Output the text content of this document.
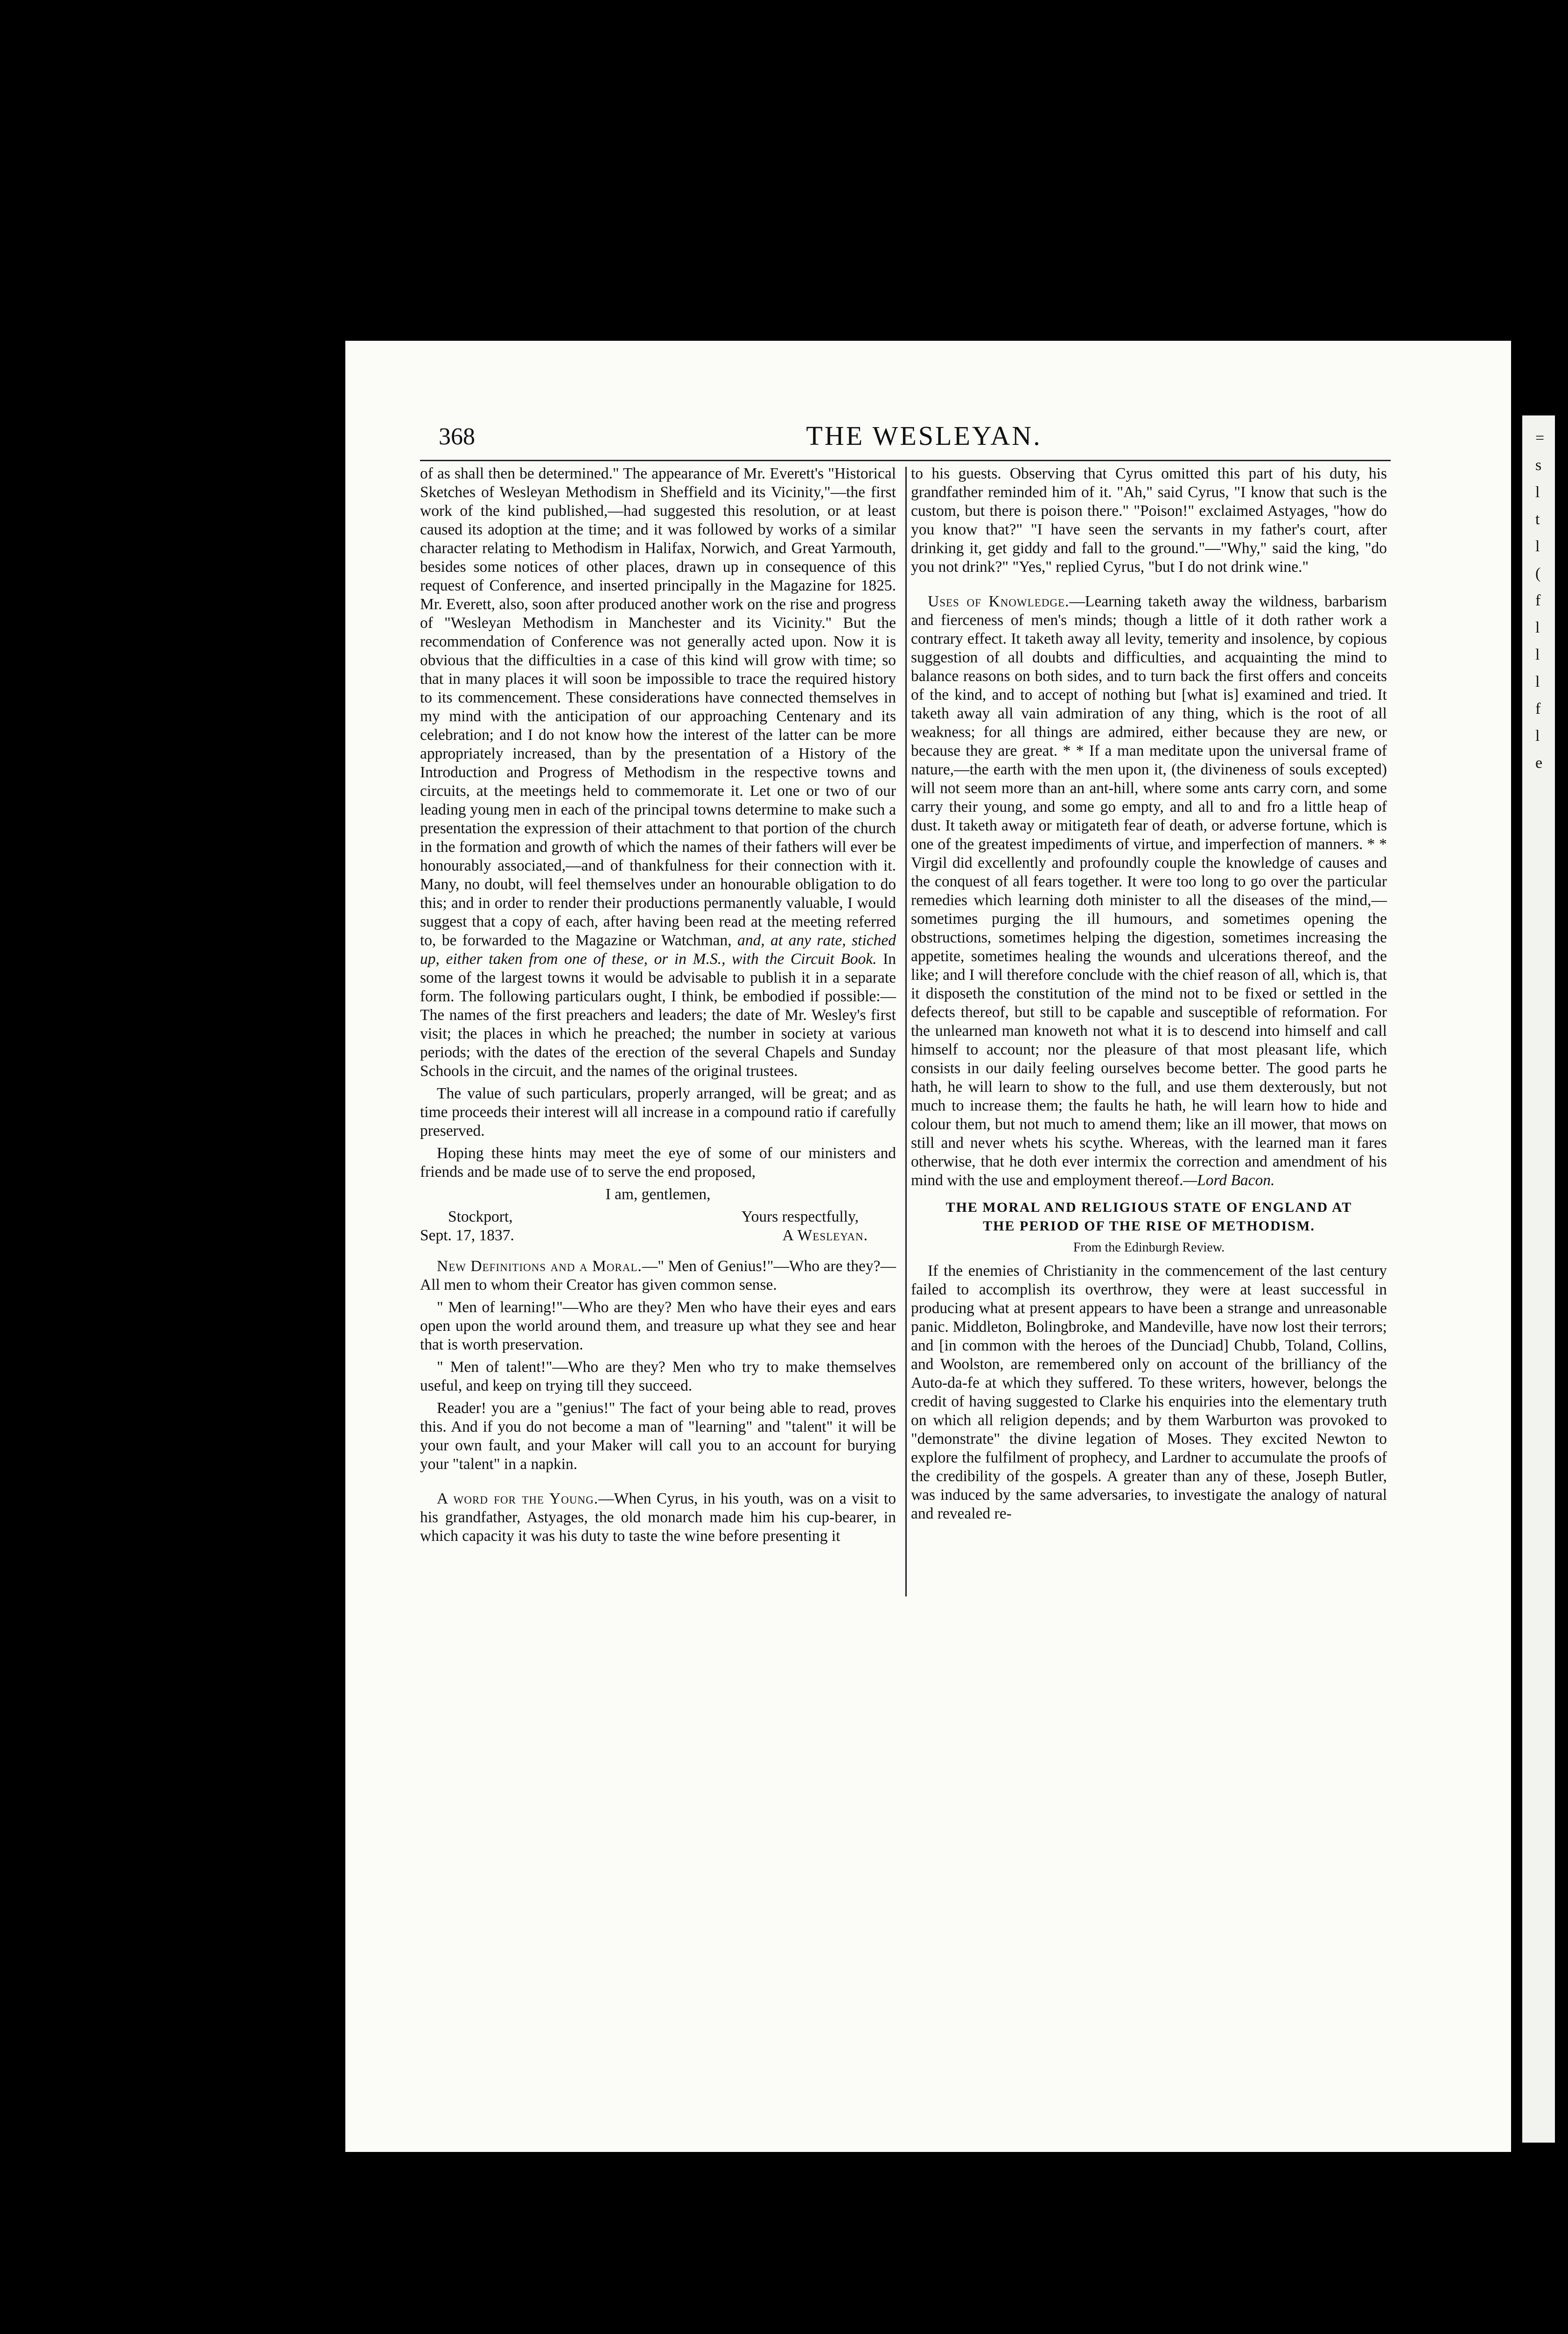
=
s
l
t
l
(
f
l
l
l
f
l
e
368	THE WESLEYAN.

of as shall then be determined." The appearance of Mr. Everett's "Historical Sketches of Wesleyan Methodism in Sheffield and its Vicinity,"—the first work of the kind published,—had suggested this resolution, or at least caused its adoption at the time; and it was followed by works of a similar character relating to Methodism in Halifax, Norwich, and Great Yarmouth, besides some notices of other places, drawn up in consequence of this request of Conference, and inserted principally in the Magazine for 1825. Mr. Everett, also, soon after produced another work on the rise and progress of "Wesleyan Methodism in Manchester and its Vicinity." But the recommendation of Conference was not generally acted upon. Now it is obvious that the difficulties in a case of this kind will grow with time; so that in many places it will soon be impossible to trace the required history to its commencement. These considerations have connected themselves in my mind with the anticipation of our approaching Centenary and its celebration; and I do not know how the interest of the latter can be more appropriately increased, than by the presentation of a History of the Introduction and Progress of Methodism in the respective towns and circuits, at the meetings held to commemorate it. Let one or two of our leading young men in each of the principal towns determine to make such a presentation the expression of their attachment to that portion of the church in the formation and growth of which the names of their fathers will ever be honourably associated,—and of thankfulness for their connection with it. Many, no doubt, will feel themselves under an honourable obligation to do this; and in order to render their productions permanently valuable, I would suggest that a copy of each, after having been read at the meeting referred to, be forwarded to the Magazine or Watchman, and, at any rate, stiched up, either taken from one of these, or in M.S., with the Circuit Book. In some of the largest towns it would be advisable to publish it in a separate form. The following particulars ought, I think, be embodied if possible:—The names of the first preachers and leaders; the date of Mr. Wesley's first visit; the places in which he preached; the number in society at various periods; with the dates of the erection of the several Chapels and Sunday Schools in the circuit, and the names of the original trustees.

The value of such particulars, properly arranged, will be great; and as time proceeds their interest will all increase in a compound ratio if carefully preserved.

Hoping these hints may meet the eye of some of our ministers and friends and be made use of to serve the end proposed,

I am, gentlemen,

Stockport,	Yours respectfully,
Sept. 17, 1837.	A Wesleyan.

New Definitions and a Moral.—" Men of Genius!"—Who are they?—All men to whom their Creator has given common sense.

" Men of learning!"—Who are they? Men who have their eyes and ears open upon the world around them, and treasure up what they see and hear that is worth preservation.

" Men of talent!"—Who are they? Men who try to make themselves useful, and keep on trying till they succeed.

Reader! you are a "genius!" The fact of your being able to read, proves this. And if you do not become a man of "learning" and "talent" it will be your own fault, and your Maker will call you to an account for burying your "talent" in a napkin.

A word for the Young.—When Cyrus, in his youth, was on a visit to his grandfather, Astyages, the old monarch made him his cup-bearer, in which capacity it was his duty to taste the wine before presenting it

to his guests. Observing that Cyrus omitted this part of his duty, his grandfather reminded him of it. "Ah," said Cyrus, "I know that such is the custom, but there is poison there." "Poison!" exclaimed Astyages, "how do you know that?" "I have seen the servants in my father's court, after drinking it, get giddy and fall to the ground."—"Why," said the king, "do you not drink?" "Yes," replied Cyrus, "but I do not drink wine."

Uses of Knowledge.—Learning taketh away the wildness, barbarism and fierceness of men's minds; though a little of it doth rather work a contrary effect. It taketh away all levity, temerity and insolence, by copious suggestion of all doubts and difficulties, and acquainting the mind to balance reasons on both sides, and to turn back the first offers and conceits of the kind, and to accept of nothing but [what is] examined and tried. It taketh away all vain admiration of any thing, which is the root of all weakness; for all things are admired, either because they are new, or because they are great. * * If a man meditate upon the universal frame of nature,—the earth with the men upon it, (the divineness of souls excepted) will not seem more than an ant-hill, where some ants carry corn, and some carry their young, and some go empty, and all to and fro a little heap of dust. It taketh away or mitigateth fear of death, or adverse fortune, which is one of the greatest impediments of virtue, and imperfection of manners. * * Virgil did excellently and profoundly couple the knowledge of causes and the conquest of all fears together. It were too long to go over the particular remedies which learning doth minister to all the diseases of the mind,—sometimes purging the ill humours, and sometimes opening the obstructions, sometimes helping the digestion, sometimes increasing the appetite, sometimes healing the wounds and ulcerations thereof, and the like; and I will therefore conclude with the chief reason of all, which is, that it disposeth the constitution of the mind not to be fixed or settled in the defects thereof, but still to be capable and susceptible of reformation. For the unlearned man knoweth not what it is to descend into himself and call himself to account; nor the pleasure of that most pleasant life, which consists in our daily feeling ourselves become better. The good parts he hath, he will learn to show to the full, and use them dexterously, but not much to increase them; the faults he hath, he will learn how to hide and colour them, but not much to amend them; like an ill mower, that mows on still and never whets his scythe. Whereas, with the learned man it fares otherwise, that he doth ever intermix the correction and amendment of his mind with the use and employment thereof.—Lord Bacon.

THE MORAL AND RELIGIOUS STATE OF ENGLAND AT
THE PERIOD OF THE RISE OF METHODISM.
From the Edinburgh Review.

If the enemies of Christianity in the commencement of the last century failed to accomplish its overthrow, they were at least successful in producing what at present appears to have been a strange and unreasonable panic. Middleton, Bolingbroke, and Mandeville, have now lost their terrors; and [in common with the heroes of the Dunciad] Chubb, Toland, Collins, and Woolston, are remembered only on account of the brilliancy of the Auto-da-fe at which they suffered. To these writers, however, belongs the credit of having suggested to Clarke his enquiries into the elementary truth on which all religion depends; and by them Warburton was provoked to "demonstrate" the divine legation of Moses. They excited Newton to explore the fulfilment of prophecy, and Lardner to accumulate the proofs of the credibility of the gospels. A greater than any of these, Joseph Butler, was induced by the same adversaries, to investigate the analogy of natural and revealed re-
